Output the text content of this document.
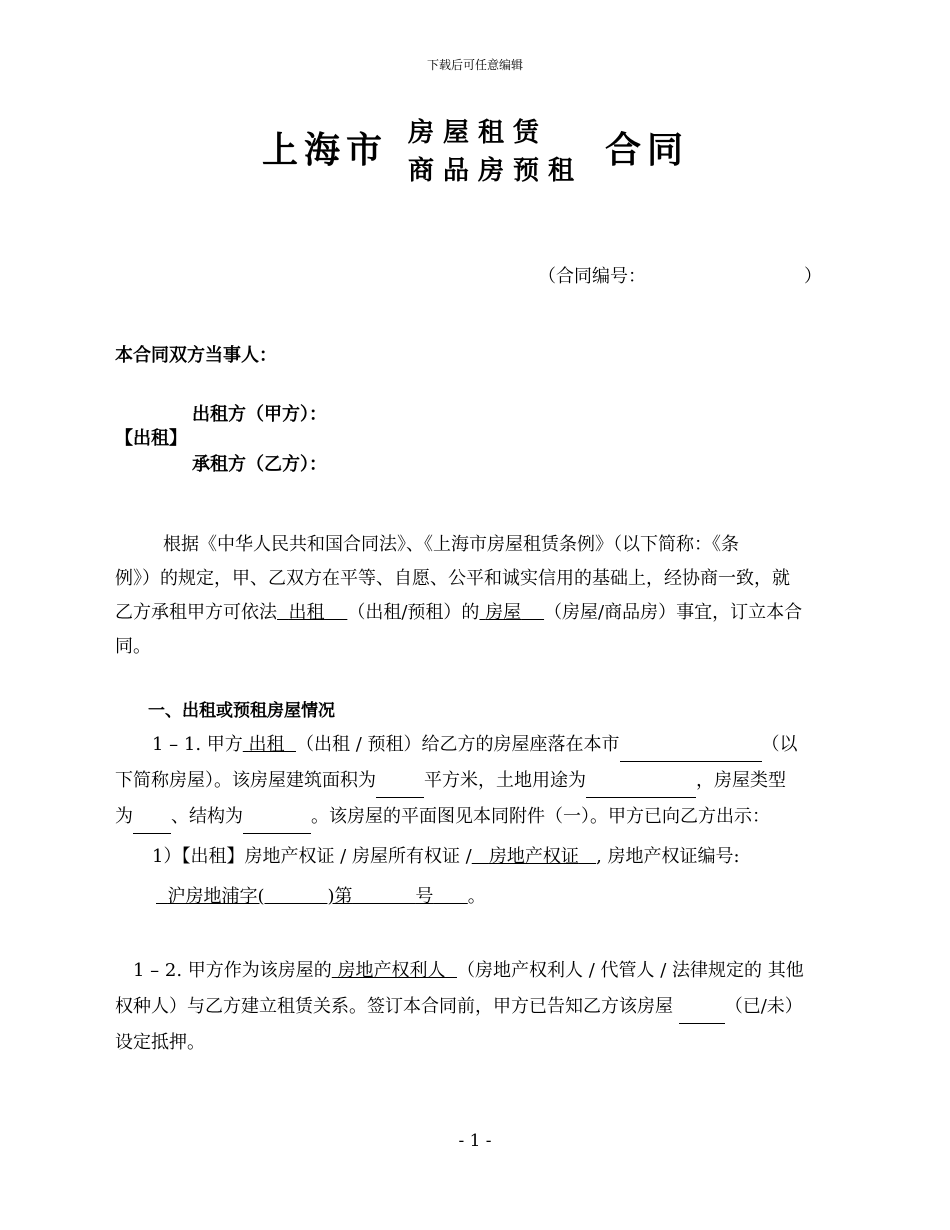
下载后可任意编辑
上海市 房屋租赁
商品房预租 合同
（合同编号：	）
本合同双方当事人：
出租方（甲方）：
【出租】
承租方（乙方）：
根据《中华人民共和国合同法》、《上海市房屋租赁条例》（以下简称：《条
例》）的规定，甲、乙双方在平等、自愿、公平和诚实信用的基础上，经协商一致，就
乙方承租甲方可依法 出租 （出租/预租）的 房屋 （房屋/商品房）事宜，订立本合
同。
一、出租或预租房屋情况
1 – 1. 甲方 出租 （出租 / 预租）给乙方的房屋座落在本市	（以
下简称房屋）。该房屋建筑面积为	平方米，土地用途为	，房屋类型
为 、结构为	。该房屋的平面图见本同附件（一）。甲方已向乙方出示：
1）【出租】房地产权证 / 房屋所有权证 / 房地产权证 , 房地产权证编号:
沪房地浦字(	)第	号 。
1 – 2. 甲方作为该房屋的 房地产权利人 （房地产权利人 / 代管人 / 法律规定的 其他
权种人）与乙方建立租赁关系。签订本合同前，甲方已告知乙方该房屋	（已/未）
设定抵押。
- 1 -
